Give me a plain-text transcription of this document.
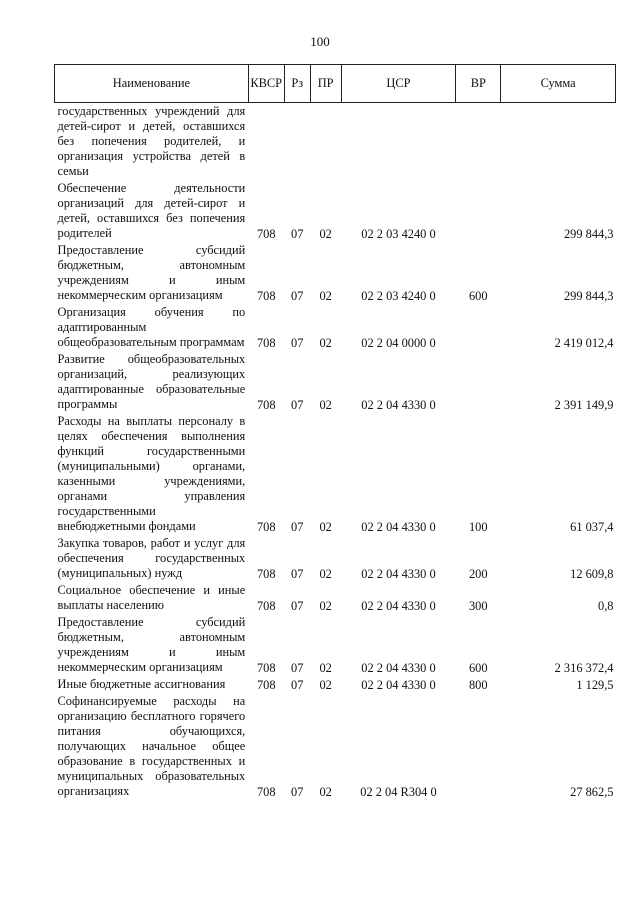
100
Наименование	КВСР	Рз	ПР	ЦСР	ВР	Сумма
государственных учреждений для детей-сирот и детей, оставшихся без попечения родителей, и организация устройства детей в семьи						
Обеспечение деятельности организаций для детей-сирот и детей, оставшихся без попечения родителей	708	07	02	02 2 03 4240 0		299 844,3
Предоставление субсидий бюджетным, автономным учреждениям и иным некоммерческим организациям	708	07	02	02 2 03 4240 0	600	299 844,3
Организация обучения по адаптированным общеобразовательным программам	708	07	02	02 2 04 0000 0		2 419 012,4
Развитие общеобразовательных организаций, реализующих адаптированные образовательные программы	708	07	02	02 2 04 4330 0		2 391 149,9
Расходы на выплаты персоналу в целях обеспечения выполнения функций государственными (муниципальными) органами, казенными учреждениями, органами управления государственными внебюджетными фондами	708	07	02	02 2 04 4330 0	100	61 037,4
Закупка товаров, работ и услуг для обеспечения государственных (муниципальных) нужд	708	07	02	02 2 04 4330 0	200	12 609,8
Социальное обеспечение и иные выплаты населению	708	07	02	02 2 04 4330 0	300	0,8
Предоставление субсидий бюджетным, автономным учреждениям и иным некоммерческим организациям	708	07	02	02 2 04 4330 0	600	2 316 372,4
Иные бюджетные ассигнования	708	07	02	02 2 04 4330 0	800	1 129,5
Софинансируемые расходы на организацию бесплатного горячего питания обучающихся, получающих начальное общее образование в государственных и муниципальных образовательных организациях	708	07	02	02 2 04 R304 0		27 862,5
